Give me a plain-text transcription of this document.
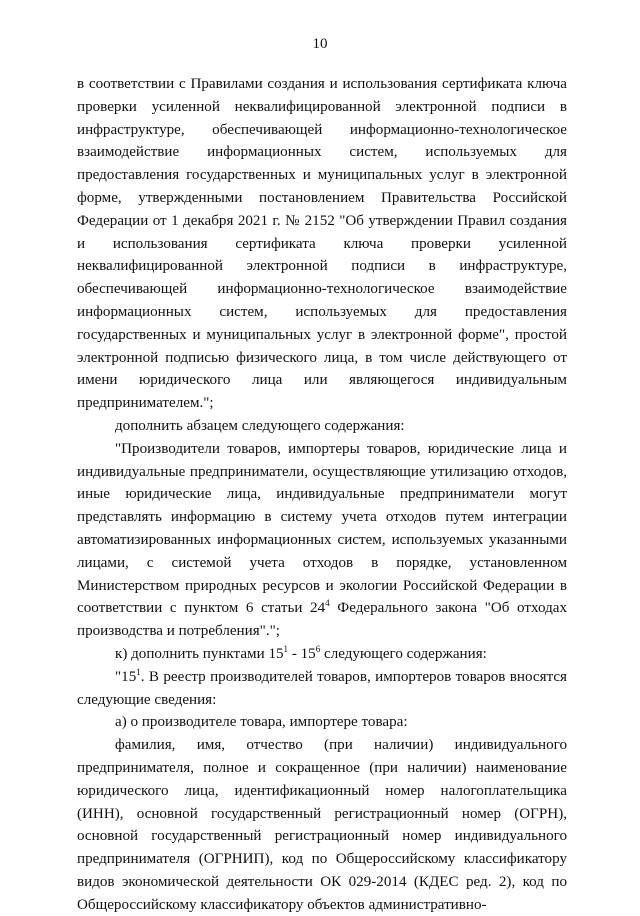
10

в соответствии с Правилами создания и использования сертификата ключа проверки усиленной неквалифицированной электронной подписи в инфраструктуре, обеспечивающей информационно-технологическое взаимодействие информационных систем, используемых для предоставления государственных и муниципальных услуг в электронной форме, утвержденными постановлением Правительства Российской Федерации от 1 декабря 2021 г. № 2152 "Об утверждении Правил создания и использования сертификата ключа проверки усиленной неквалифицированной электронной подписи в инфраструктуре, обеспечивающей информационно-технологическое взаимодействие информационных систем, используемых для предоставления государственных и муниципальных услуг в электронной форме", простой электронной подписью физического лица, в том числе действующего от имени юридического лица или являющегося индивидуальным предпринимателем.";

дополнить абзацем следующего содержания:

"Производители товаров, импортеры товаров, юридические лица и индивидуальные предприниматели, осуществляющие утилизацию отходов, иные юридические лица, индивидуальные предприниматели могут представлять информацию в систему учета отходов путем интеграции автоматизированных информационных систем, используемых указанными лицами, с системой учета отходов в порядке, установленном Министерством природных ресурсов и экологии Российской Федерации в соответствии с пунктом 6 статьи $24^4$ Федерального закона "Об отходах производства и потребления".";

к) дополнить пунктами $15^1 - 15^6$ следующего содержания:

"$15^1$. В реестр производителей товаров, импортеров товаров вносятся следующие сведения:

а) о производителе товара, импортере товара:

фамилия, имя, отчество (при наличии) индивидуального предпринимателя, полное и сокращенное (при наличии) наименование юридического лица, идентификационный номер налогоплательщика (ИНН), основной государственный регистрационный номер (ОГРН), основной государственный регистрационный номер индивидуального предпринимателя (ОГРНИП), код по Общероссийскому классификатору видов экономической деятельности ОК 029-2014 (КДЕС ред. 2), код по Общероссийскому классификатору объектов административно-
